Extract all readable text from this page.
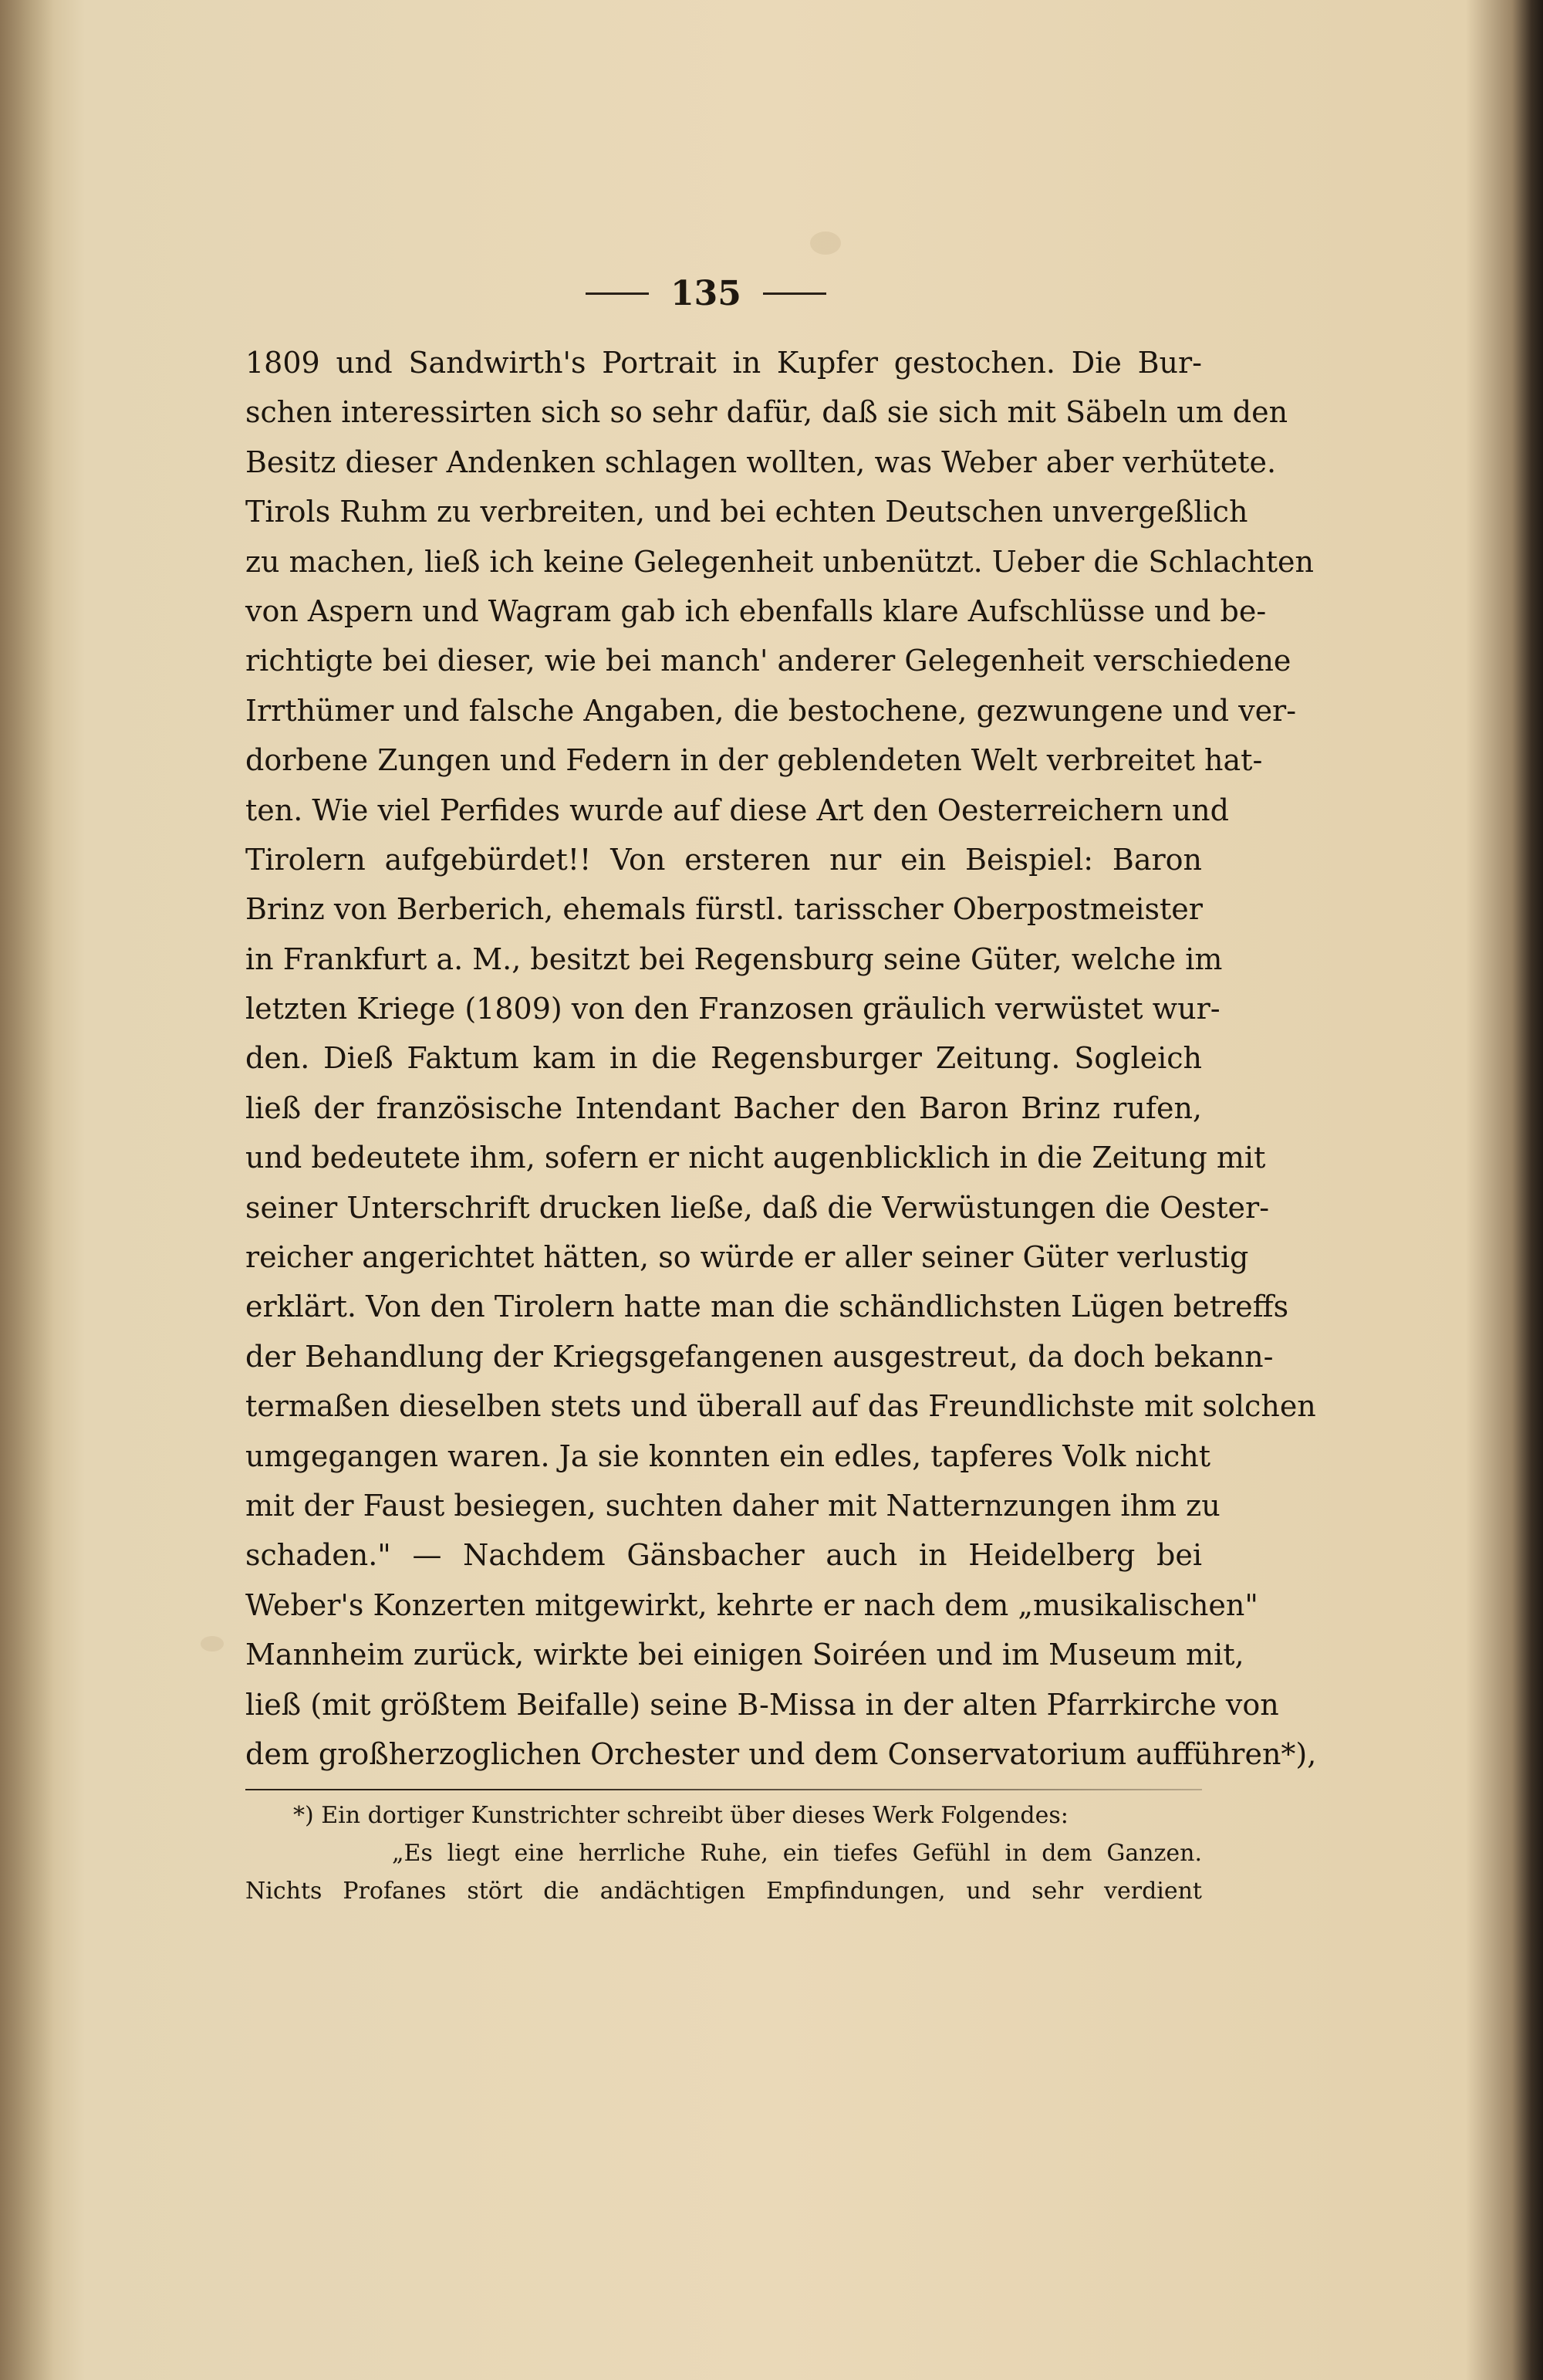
135
1809 und Sandwirth's Portrait in Kupfer gestochen. Die Bur-
schen interessirten sich so sehr dafür, daß sie sich mit Säbeln um den
Besitz dieser Andenken schlagen wollten, was Weber aber verhütete.
Tirols Ruhm zu verbreiten, und bei echten Deutschen unvergeßlich
zu machen, ließ ich keine Gelegenheit unbenützt. Ueber die Schlachten
von Aspern und Wagram gab ich ebenfalls klare Aufschlüsse und be-
richtigte bei dieser, wie bei manch' anderer Gelegenheit verschiedene
Irrthümer und falsche Angaben, die bestochene, gezwungene und ver-
dorbene Zungen und Federn in der geblendeten Welt verbreitet hat-
ten. Wie viel Perfides wurde auf diese Art den Oesterreichern und
Tirolern aufgebürdet!! Von ersteren nur ein Beispiel: Baron
Brinz von Berberich, ehemals fürstl. tarisscher Oberpostmeister
in Frankfurt a. M., besitzt bei Regensburg seine Güter, welche im
letzten Kriege (1809) von den Franzosen gräulich verwüstet wur-
den. Dieß Faktum kam in die Regensburger Zeitung. Sogleich
ließ der französische Intendant Bacher den Baron Brinz rufen,
und bedeutete ihm, sofern er nicht augenblicklich in die Zeitung mit
seiner Unterschrift drucken ließe, daß die Verwüstungen die Oester-
reicher angerichtet hätten, so würde er aller seiner Güter verlustig
erklärt. Von den Tirolern hatte man die schändlichsten Lügen betreffs
der Behandlung der Kriegsgefangenen ausgestreut, da doch bekann-
termaßen dieselben stets und überall auf das Freundlichste mit solchen
umgegangen waren. Ja sie konnten ein edles, tapferes Volk nicht
mit der Faust besiegen, suchten daher mit Natternzungen ihm zu
schaden." — Nachdem Gänsbacher auch in Heidelberg bei
Weber's Konzerten mitgewirkt, kehrte er nach dem „musikalischen"
Mannheim zurück, wirkte bei einigen Soiréen und im Museum mit,
ließ (mit größtem Beifalle) seine B-Missa in der alten Pfarrkirche von
dem großherzoglichen Orchester und dem Conservatorium aufführen*),
*) Ein dortiger Kunstrichter schreibt über dieses Werk Folgendes:
„Es liegt eine herrliche Ruhe, ein tiefes Gefühl in dem Ganzen.
Nichts Profanes stört die andächtigen Empfindungen, und sehr verdient
